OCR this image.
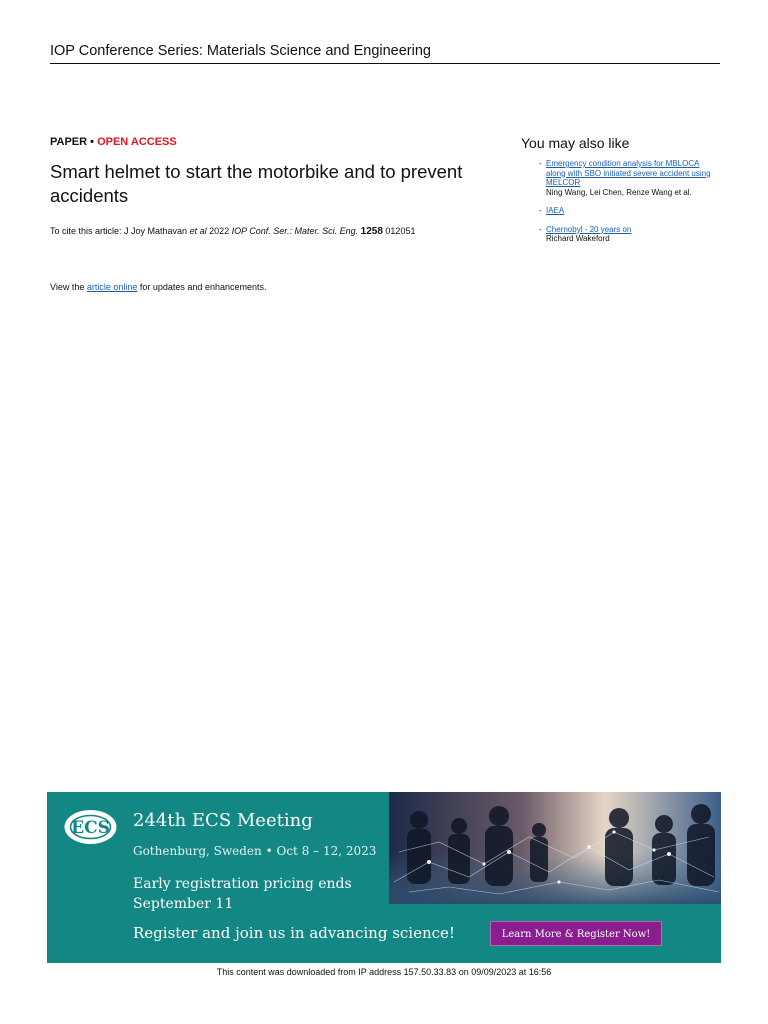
IOP Conference Series: Materials Science and Engineering
PAPER • OPEN ACCESS
Smart helmet to start the motorbike and to prevent accidents
To cite this article: J Joy Mathavan et al 2022 IOP Conf. Ser.: Mater. Sci. Eng. 1258 012051
View the article online for updates and enhancements.
You may also like
- Emergency condition analysis for MBLOCA along with SBO initiated severe accident using MELCOR
Ning Wang, Lei Chen, Renze Wang et al.
- IAEA
- Chernobyl - 20 years on
Richard Wakeford
ECS 244th ECS Meeting
Gothenburg, Sweden • Oct 8 – 12, 2023
Early registration pricing ends September 11
Register and join us in advancing science!	Learn More & Register Now!
This content was downloaded from IP address 157.50.33.83 on 09/09/2023 at 16:56
